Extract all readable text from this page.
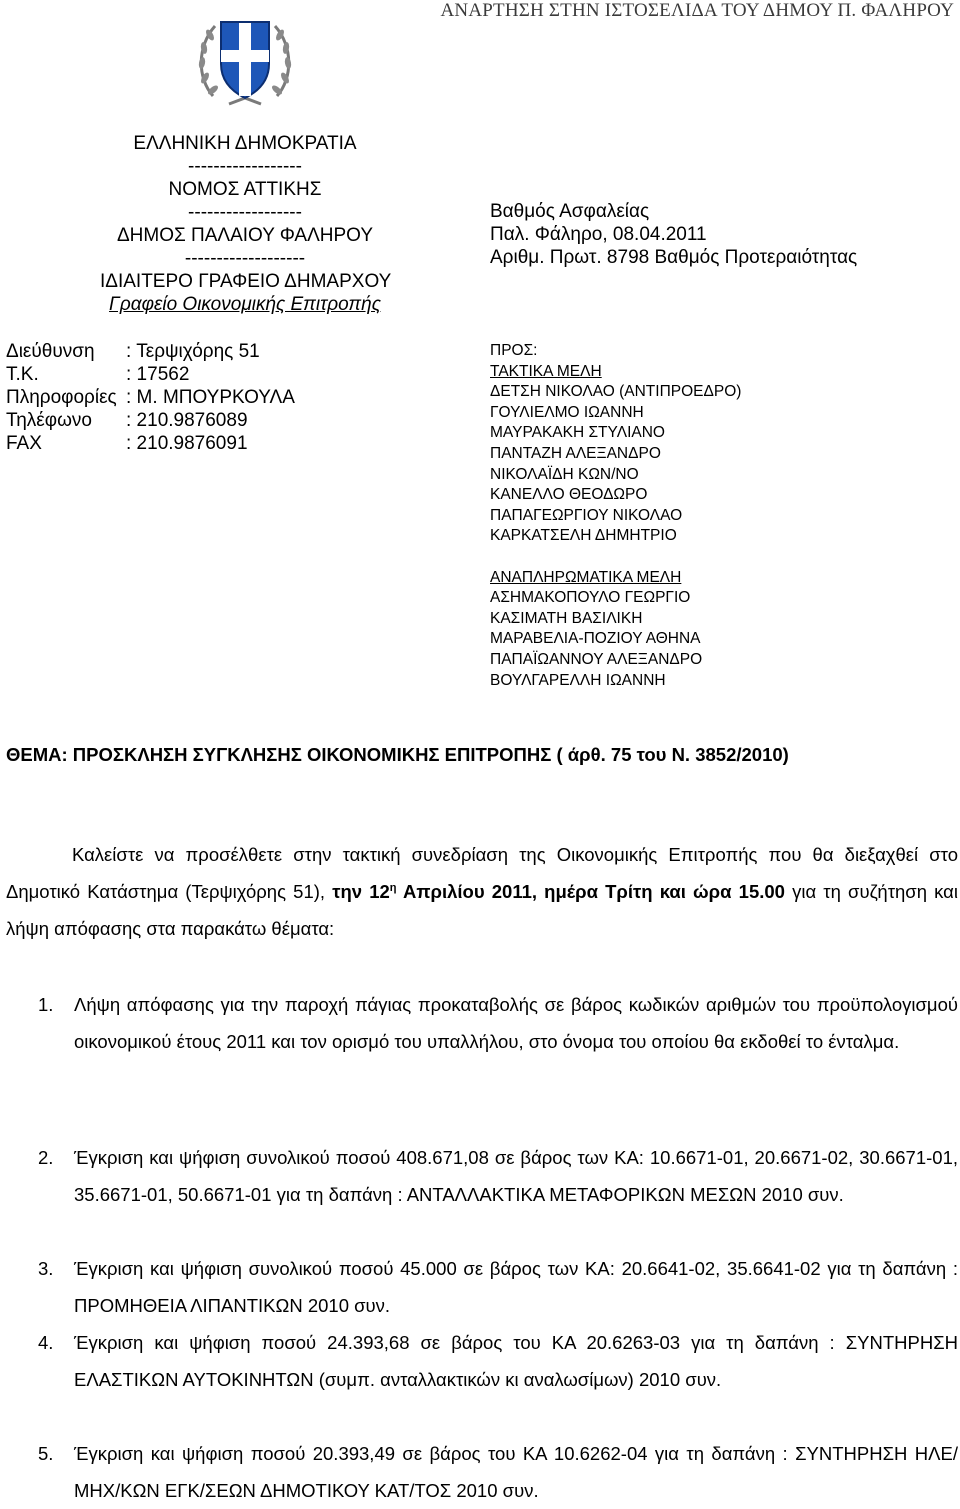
ΑΝΑΡΤΗΣΗ ΣΤΗΝ ΙΣΤΟΣΕΛΙΔΑ ΤΟΥ ΔΗΜΟΥ Π. ΦΑΛΗΡΟΥ
ΕΛΛΗΝΙΚΗ ΔΗΜΟΚΡΑΤΙΑ
------------------
ΝΟΜΟΣ ΑΤΤΙΚΗΣ
------------------
ΔΗΜΟΣ ΠΑΛΑΙΟΥ ΦΑΛΗΡΟΥ
-------------------
ΙΔΙΑΙΤΕΡΟ ΓΡΑΦΕΙΟ ΔΗΜΑΡΧΟΥ
Γραφείο Οικονομικής Επιτροπής
Διεύθυνση	: Τερψιχόρης 51
Τ.Κ.	: 17562
Πληροφορίες : Μ. ΜΠΟΥΡΚΟΥΛΑ
Τηλέφωνο	: 210.9876089
FAX	: 210.9876091
Βαθμός Ασφαλείας
Παλ. Φάληρο, 08.04.2011
Αριθμ. Πρωτ. 8798 Βαθμός Προτεραιότητας
ΠΡΟΣ:
ΤΑΚΤΙΚΑ ΜΕΛΗ
ΔΕΤΣΗ ΝΙΚΟΛΑΟ (ΑΝΤΙΠΡΟΕΔΡΟ)
ΓΟΥΛΙΕΛΜΟ ΙΩΑΝΝΗ
ΜΑΥΡΑΚΑΚΗ ΣΤΥΛΙΑΝΟ
ΠΑΝΤΑΖΗ ΑΛΕΞΑΝΔΡΟ
ΝΙΚΟΛΑΪΔΗ ΚΩΝ/ΝΟ
ΚΑΝΕΛΛΟ ΘΕΟΔΩΡΟ
ΠΑΠΑΓΕΩΡΓΙΟΥ ΝΙΚΟΛΑΟ
ΚΑΡΚΑΤΣΕΛΗ ΔΗΜΗΤΡΙΟ
ΑΝΑΠΛΗΡΩΜΑΤΙΚΑ ΜΕΛΗ
ΑΣΗΜΑΚΟΠΟΥΛΟ ΓΕΩΡΓΙΟ
ΚΑΣΙΜΑΤΗ ΒΑΣΙΛΙΚΗ
ΜΑΡΑΒΕΛΙΑ-ΠΟΖΙΟΥ ΑΘΗΝΑ
ΠΑΠΑΪΩΑΝΝΟΥ ΑΛΕΞΑΝΔΡΟ
ΒΟΥΛΓΑΡΕΛΛΗ ΙΩΑΝΝΗ
ΘΕΜΑ: ΠΡΟΣΚΛΗΣΗ ΣΥΓΚΛΗΣΗΣ ΟΙΚΟΝΟΜΙΚΗΣ ΕΠΙΤΡΟΠΗΣ ( άρθ. 75 του Ν. 3852/2010)
Καλείστε να προσέλθετε στην τακτική συνεδρίαση της Οικονομικής Επιτροπής που θα διεξαχθεί στο Δημοτικό Κατάστημα (Τερψιχόρης 51), την $12^\eta$ Απριλίου 2011, ημέρα Τρίτη και ώρα 15.00 για τη συζήτηση και λήψη απόφασης στα παρακάτω θέματα:
1. Λήψη απόφασης για την παροχή πάγιας προκαταβολής σε βάρος κωδικών αριθμών του προϋπολογισμού οικονομικού έτους 2011 και τον ορισμό του υπαλλήλου, στο όνομα του οποίου θα εκδοθεί το ένταλμα.
2. Έγκριση και ψήφιση συνολικού ποσού 408.671,08 σε βάρος των ΚΑ: 10.6671-01, 20.6671-02, 30.6671-01, 35.6671-01, 50.6671-01 για τη δαπάνη : ΑΝΤΑΛΛΑΚΤΙΚΑ ΜΕΤΑΦΟΡΙΚΩΝ ΜΕΣΩΝ 2010 συν.
3. Έγκριση και ψήφιση συνολικού ποσού 45.000 σε βάρος των ΚΑ: 20.6641-02, 35.6641-02 για τη δαπάνη : ΠΡΟΜΗΘΕΙΑ ΛΙΠΑΝΤΙΚΩΝ 2010 συν.
4. Έγκριση και ψήφιση ποσού 24.393,68 σε βάρος του ΚΑ 20.6263-03 για τη δαπάνη : ΣΥΝΤΗΡΗΣΗ ΕΛΑΣΤΙΚΩΝ ΑΥΤΟΚΙΝΗΤΩΝ (συμπ. ανταλλακτικών κι αναλωσίμων) 2010 συν.
5. Έγκριση και ψήφιση ποσού 20.393,49 σε βάρος του ΚΑ 10.6262-04 για τη δαπάνη : ΣΥΝΤΗΡΗΣΗ ΗΛΕ/ΜΗΧ/ΚΩΝ ΕΓΚ/ΣΕΩΝ ΔΗΜΟΤΙΚΟΥ ΚΑΤ/ΤΟΣ 2010 συν.
